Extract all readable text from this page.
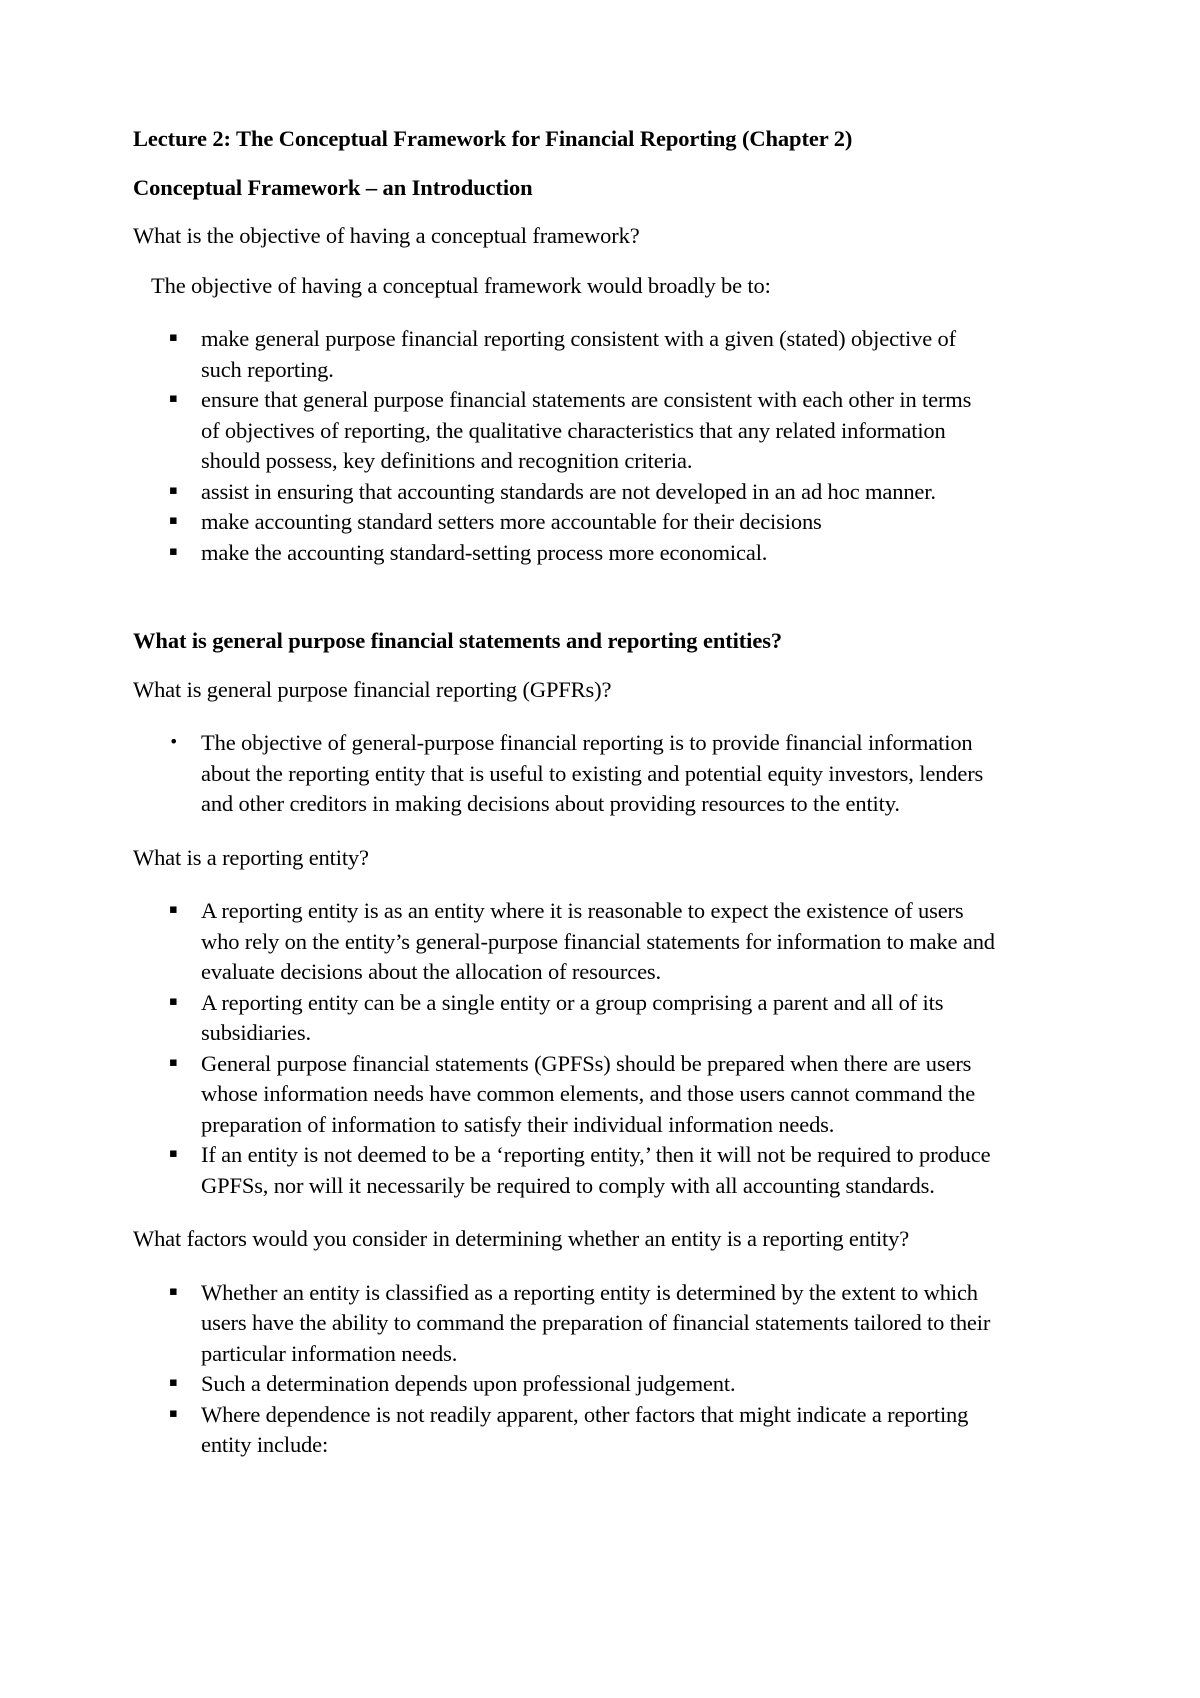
Lecture 2: The Conceptual Framework for Financial Reporting (Chapter 2)
Conceptual Framework – an Introduction

What is the objective of having a conceptual framework?

The objective of having a conceptual framework would broadly be to:

▪ make general purpose financial reporting consistent with a given (stated) objective of such reporting.
▪ ensure that general purpose financial statements are consistent with each other in terms of objectives of reporting, the qualitative characteristics that any related information should possess, key definitions and recognition criteria.
▪ assist in ensuring that accounting standards are not developed in an ad hoc manner.
▪ make accounting standard setters more accountable for their decisions
▪ make the accounting standard-setting process more economical.
What is general purpose financial statements and reporting entities?

What is general purpose financial reporting (GPFRs)?

• The objective of general-purpose financial reporting is to provide financial information about the reporting entity that is useful to existing and potential equity investors, lenders and other creditors in making decisions about providing resources to the entity.

What is a reporting entity?

▪ A reporting entity is as an entity where it is reasonable to expect the existence of users who rely on the entity’s general-purpose financial statements for information to make and evaluate decisions about the allocation of resources.
▪ A reporting entity can be a single entity or a group comprising a parent and all of its subsidiaries.
▪ General purpose financial statements (GPFSs) should be prepared when there are users whose information needs have common elements, and those users cannot command the preparation of information to satisfy their individual information needs.
▪ If an entity is not deemed to be a ‘reporting entity,’ then it will not be required to produce GPFSs, nor will it necessarily be required to comply with all accounting standards.

What factors would you consider in determining whether an entity is a reporting entity?

▪ Whether an entity is classified as a reporting entity is determined by the extent to which users have the ability to command the preparation of financial statements tailored to their particular information needs.
▪ Such a determination depends upon professional judgement.
▪ Where dependence is not readily apparent, other factors that might indicate a reporting entity include:
